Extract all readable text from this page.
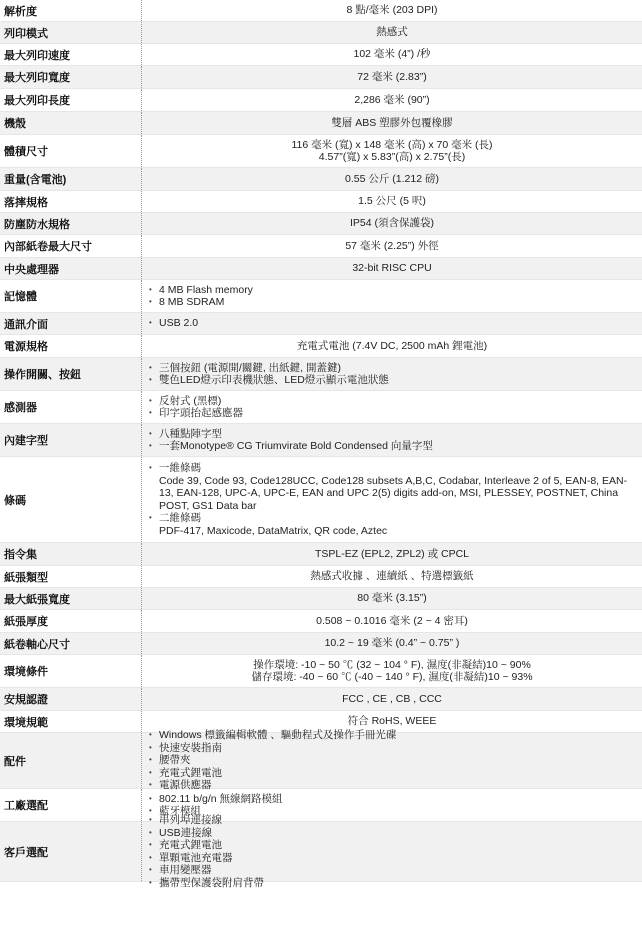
解析度	8 點/毫米 (203 DPI)
列印模式	熱感式
最大列印速度	102 毫米 (4”) /秒
最大列印寬度	72 毫米 (2.83”)
最大列印長度	2,286 毫米 (90”)
機殼	雙層 ABS 塑膠外包覆橡膠
體積尺寸
116 毫米 (寬) x 148 毫米 (高) x 70 毫米 (長)
4.57”(寬) x 5.83”(高) x 2.75”(長)
重量(含電池)	0.55 公斤 (1.212 磅)
落摔規格	1.5 公尺 (5 呎)
防塵防水規格	IP54 (須含保護袋)
內部紙卷最大尺寸	57 毫米 (2.25”) 外徑
中央處理器	32-bit RISC CPU
記憶體
• 4 MB Flash memory
• 8 MB SDRAM
通訊介面
•	USB 2.0
電源規格	充電式電池 (7.4V DC, 2500 mAh 鋰電池)
操作開關、按鈕
• 三個按鈕 (電源開/關鍵, 出紙鍵, 開蓋鍵)
• 雙色LED燈示印表機狀態、LED燈示顯示電池狀態
感測器
• 反射式 (黑標)
• 印字頭抬起感應器
內建字型
• 八種點陣字型
• 一套Monotype® CG Triumvirate Bold Condensed 向量字型
條碼
• 一維條碼
Code 39, Code 93, Code128UCC, Code128 subsets A,B,C, Codabar, Interleave 2 of 5, EAN-8, EAN-13, EAN-128, UPC-A, UPC-E, EAN and UPC 2(5) digits add-on, MSI, PLESSEY, POSTNET, China POST, GS1 Data bar
• 二維條碼
PDF-417, Maxicode, DataMatrix, QR code, Aztec
指令集	TSPL-EZ (EPL2, ZPL2) 或 CPCL
紙張類型	熱感式收據 、連續紙 、特選標籤紙
最大紙張寬度	80 毫米 (3.15”)
紙張厚度	0.508 ~ 0.1016 毫米 (2 ~ 4 密耳)
紙卷軸心尺寸	10.2 ~ 19 毫米 (0.4” ~ 0.75” )
環境條件
操作環境: -10 ~ 50 ℃ (32 ~ 104 ° F), 濕度(非凝結)10 ~ 90%
儲存環境: -40 ~ 60 ℃ (-40 ~ 140 ° F), 濕度(非凝結)10 ~ 93%
安規認證	FCC , CE , CB , CCC
環境規範	符合 RoHS, WEEE
配件
• Windows 標籤編輯軟體 、驅動程式及操作手冊光碟
• 快速安裝指南
• 腰帶夾
• 充電式鋰電池
• 電源供應器
工廠選配
• 802.11 b/g/n 無線網路模組
• 藍牙模組
客戶選配
• 串列埠連接線
• USB連接線
• 充電式鋰電池
• 單顆電池充電器
• 車用變壓器
• 攜帶型保護袋附肩背帶
